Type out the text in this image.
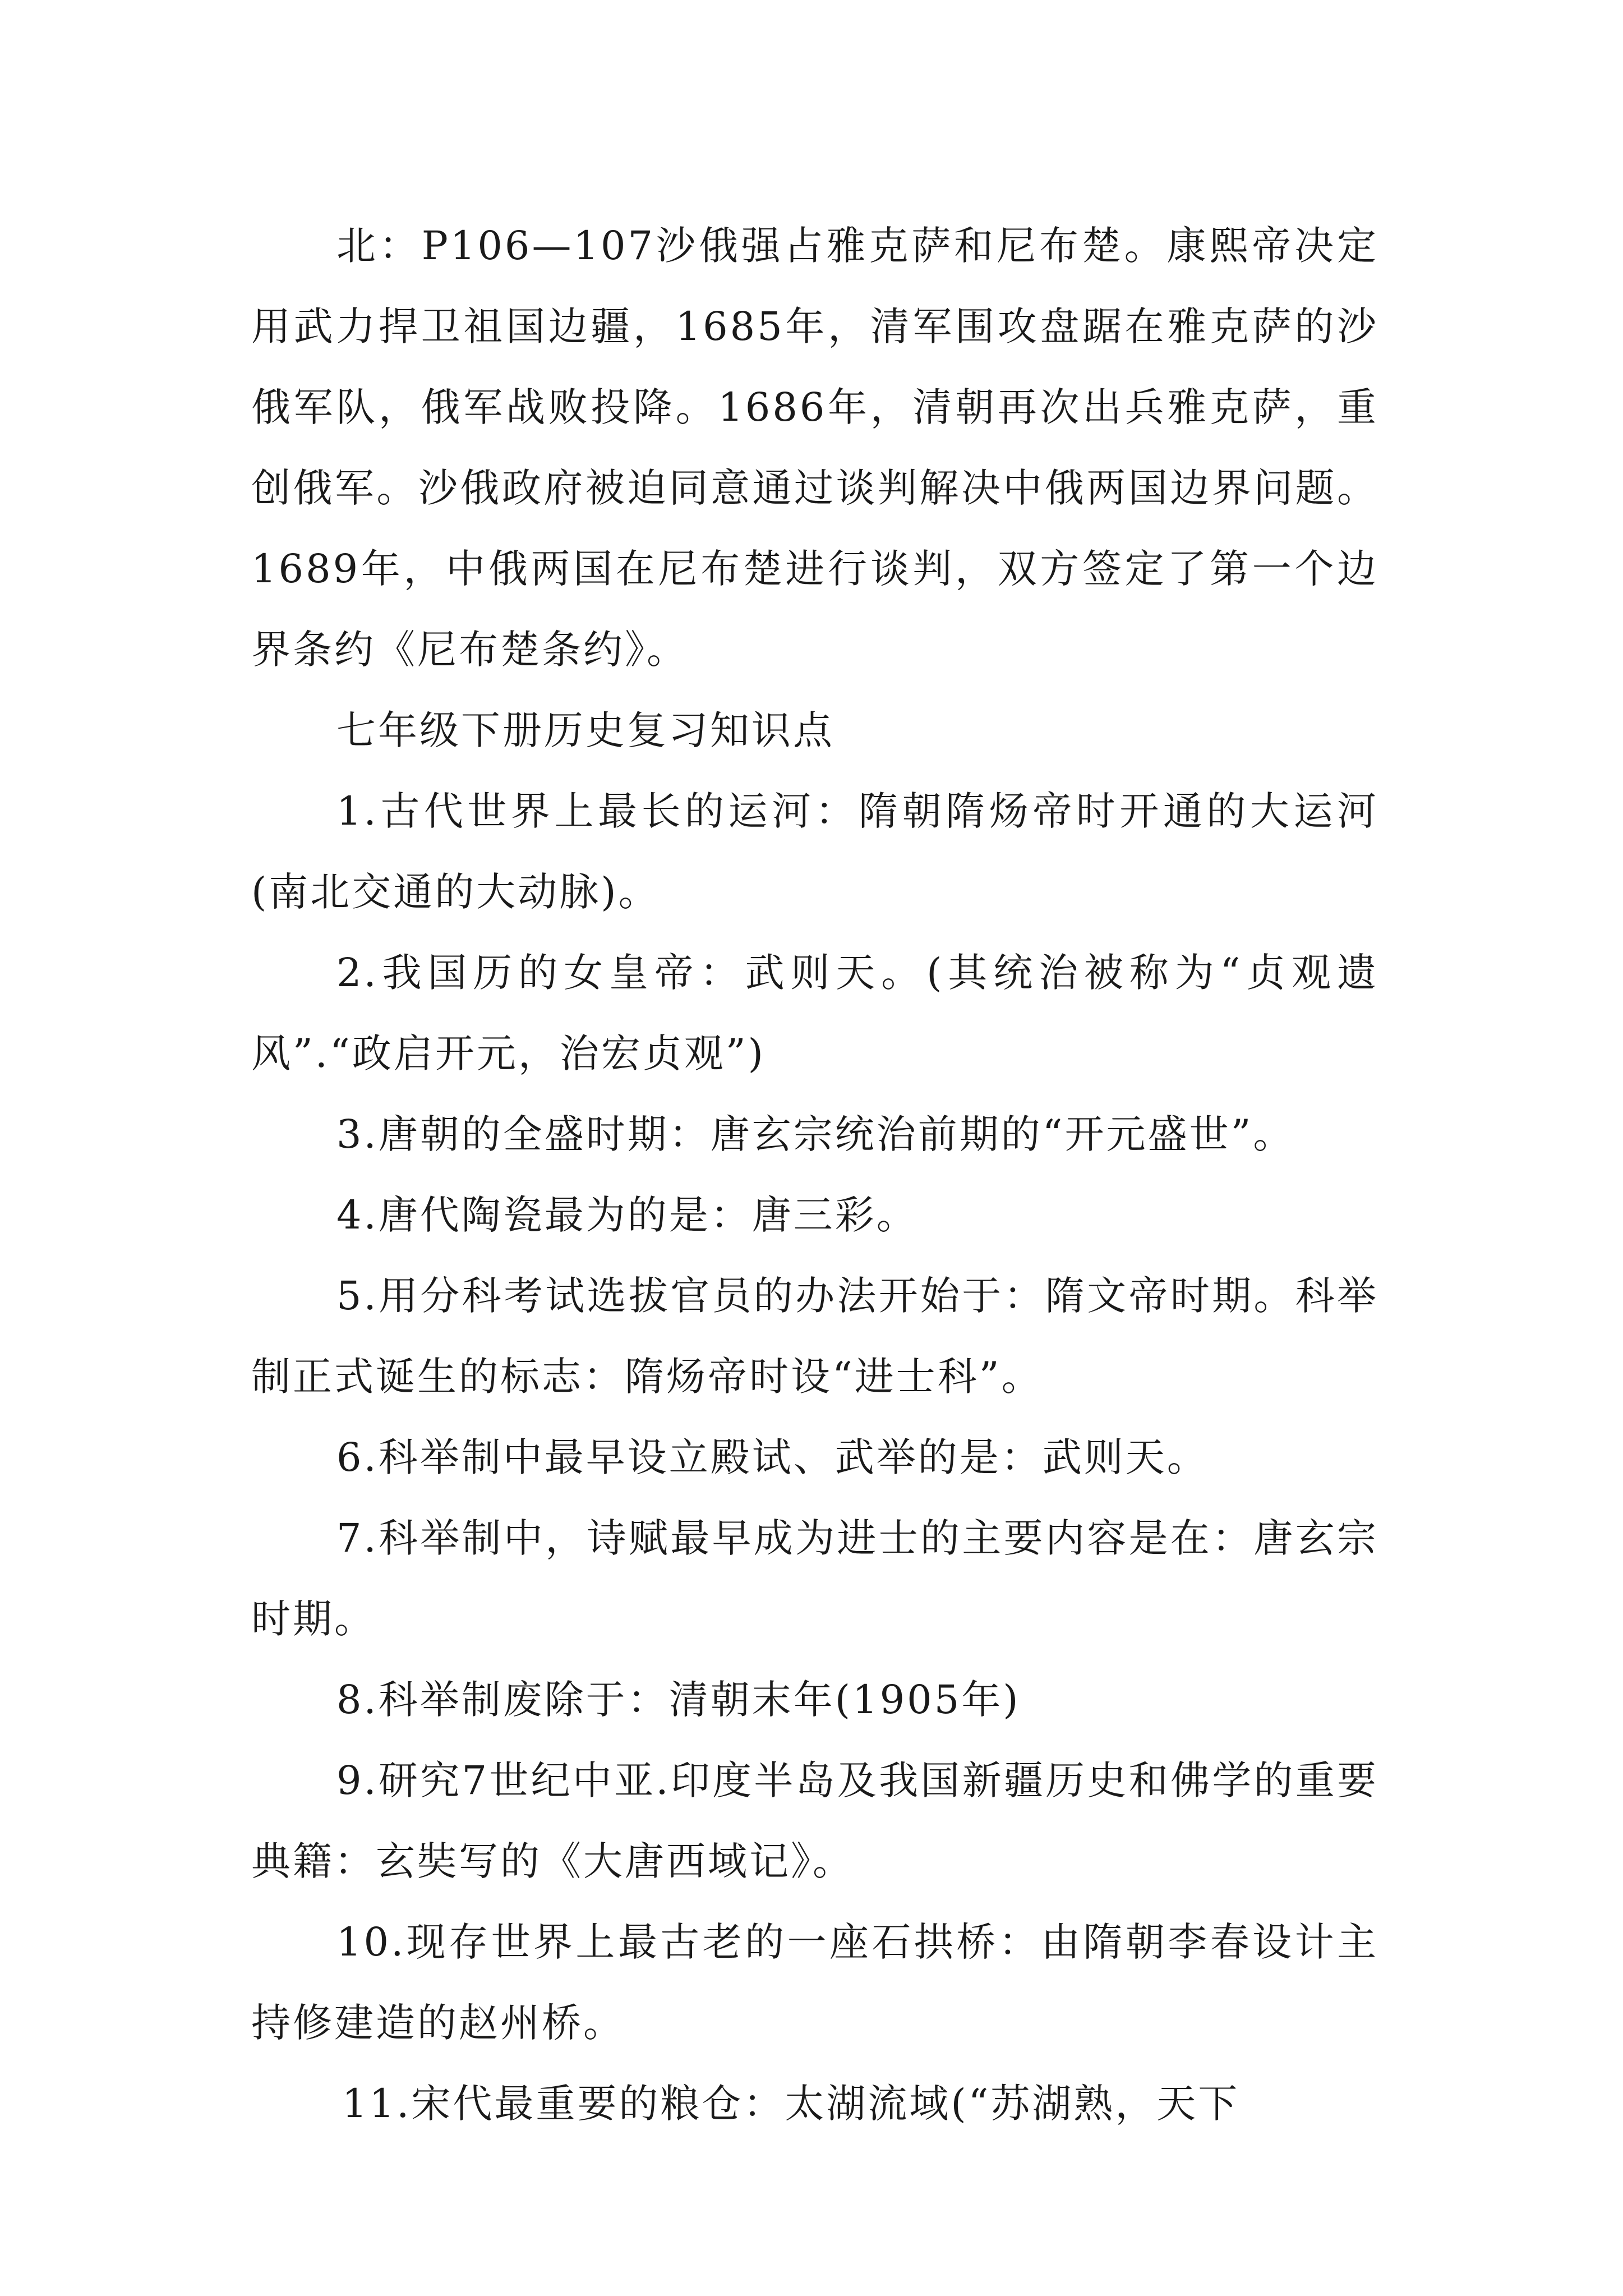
北：P106—107沙俄强占雅克萨和尼布楚。康熙帝决定用武力捍卫祖国边疆，1685年，清军围攻盘踞在雅克萨的沙俄军队，俄军战败投降。1686年，清朝再次出兵雅克萨，重创俄军。沙俄政府被迫同意通过谈判解决中俄两国边界问题。1689年，中俄两国在尼布楚进行谈判，双方签定了第一个边界条约《尼布楚条约》。

七年级下册历史复习知识点

1.古代世界上最长的运河：隋朝隋炀帝时开通的大运河(南北交通的大动脉)。

2.我国历的女皇帝：武则天。(其统治被称为“贞观遗风”.“政启开元，治宏贞观”)

3.唐朝的全盛时期：唐玄宗统治前期的“开元盛世”。

4.唐代陶瓷最为的是：唐三彩。

5.用分科考试选拔官员的办法开始于：隋文帝时期。科举制正式诞生的标志：隋炀帝时设“进士科”。

6.科举制中最早设立殿试、武举的是：武则天。

7.科举制中，诗赋最早成为进士的主要内容是在：唐玄宗时期。

8.科举制废除于：清朝末年(1905年)

9.研究7世纪中亚.印度半岛及我国新疆历史和佛学的重要典籍：玄奘写的《大唐西域记》。

10.现存世界上最古老的一座石拱桥：由隋朝李春设计主持修建造的赵州桥。

11.宋代最重要的粮仓：太湖流域(“苏湖熟，天下
